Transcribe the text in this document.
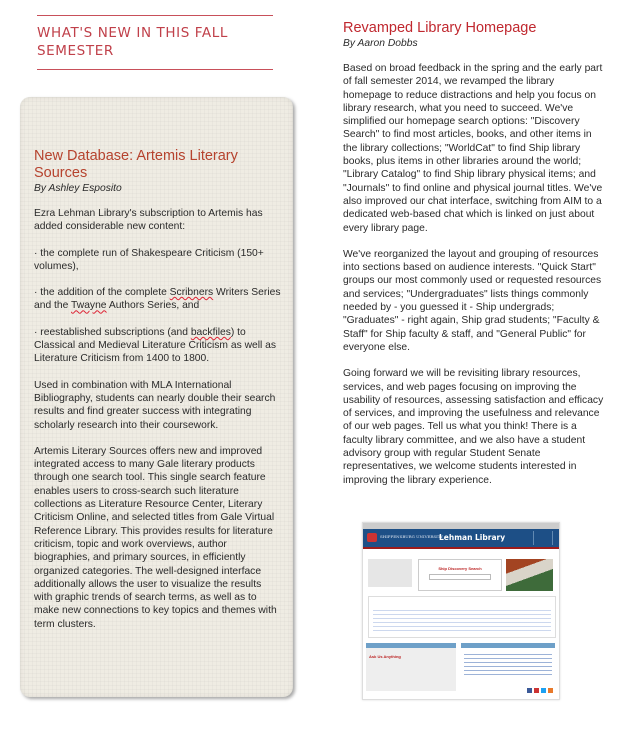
WHAT'S NEW IN THIS FALL SEMESTER
New Database: Artemis Literary Sources
By Ashley Esposito

Ezra Lehman Library's subscription to Artemis has added considerable new content:

· the complete run of Shakespeare Criticism (150+ volumes),

· the addition of the complete Scribners Writers Series and the Twayne Authors Series, and

· reestablished subscriptions (and backfiles) to Classical and Medieval Literature Criticism as well as Literature Criticism from 1400 to 1800.

Used in combination with MLA International Bibliography, students can nearly double their search results and find greater success with integrating scholarly research into their coursework.

Artemis Literary Sources offers new and improved integrated access to many Gale literary products through one search tool. This single search feature enables users to cross-search such literature collections as Literature Resource Center, Literary Criticism Online, and selected titles from Gale Virtual Reference Library. This provides results for literature criticism, topic and work overviews, author biographies, and primary sources, in efficiently organized categories. The well-designed interface additionally allows the user to visualize the results with graphic trends of search terms, as well as to make new connections to key topics and themes with term clusters.

Revamped Library Homepage
By Aaron Dobbs

Based on broad feedback in the spring and the early part of fall semester 2014, we revamped the library homepage to reduce distractions and help you focus on library research, what you need to succeed. We've simplified our homepage search options: "Discovery Search" to find most articles, books, and other items in the library collections; "WorldCat" to find Ship library books, plus items in other libraries around the world; "Library Catalog" to find Ship library physical items; and "Journals" to find online and physical journal titles. We've also improved our chat interface, switching from AIM to a dedicated web-based chat which is linked on just about every library page.

We've reorganized the layout and grouping of resources into sections based on audience interests. "Quick Start" groups our most commonly used or requested resources and services; "Undergraduates" lists things commonly needed by - you guessed it - Ship undergrads; "Graduates" - right again, Ship grad students; "Faculty & Staff" for Ship faculty & staff, and "General Public" for everyone else.

Going forward we will be revisiting library resources, services, and web pages focusing on improving the usability of resources, assessing satisfaction and efficacy of services, and improving the usefulness and relevance of our web pages. Tell us what you think! There is a faculty library committee, and we also have a student advisory group with regular Student Senate representatives, we welcome students interested in improving the library experience.

SHIPPENSBURG UNIVERSITY
Lehman Library
Ship Discovery Search
Ask Us Anything
